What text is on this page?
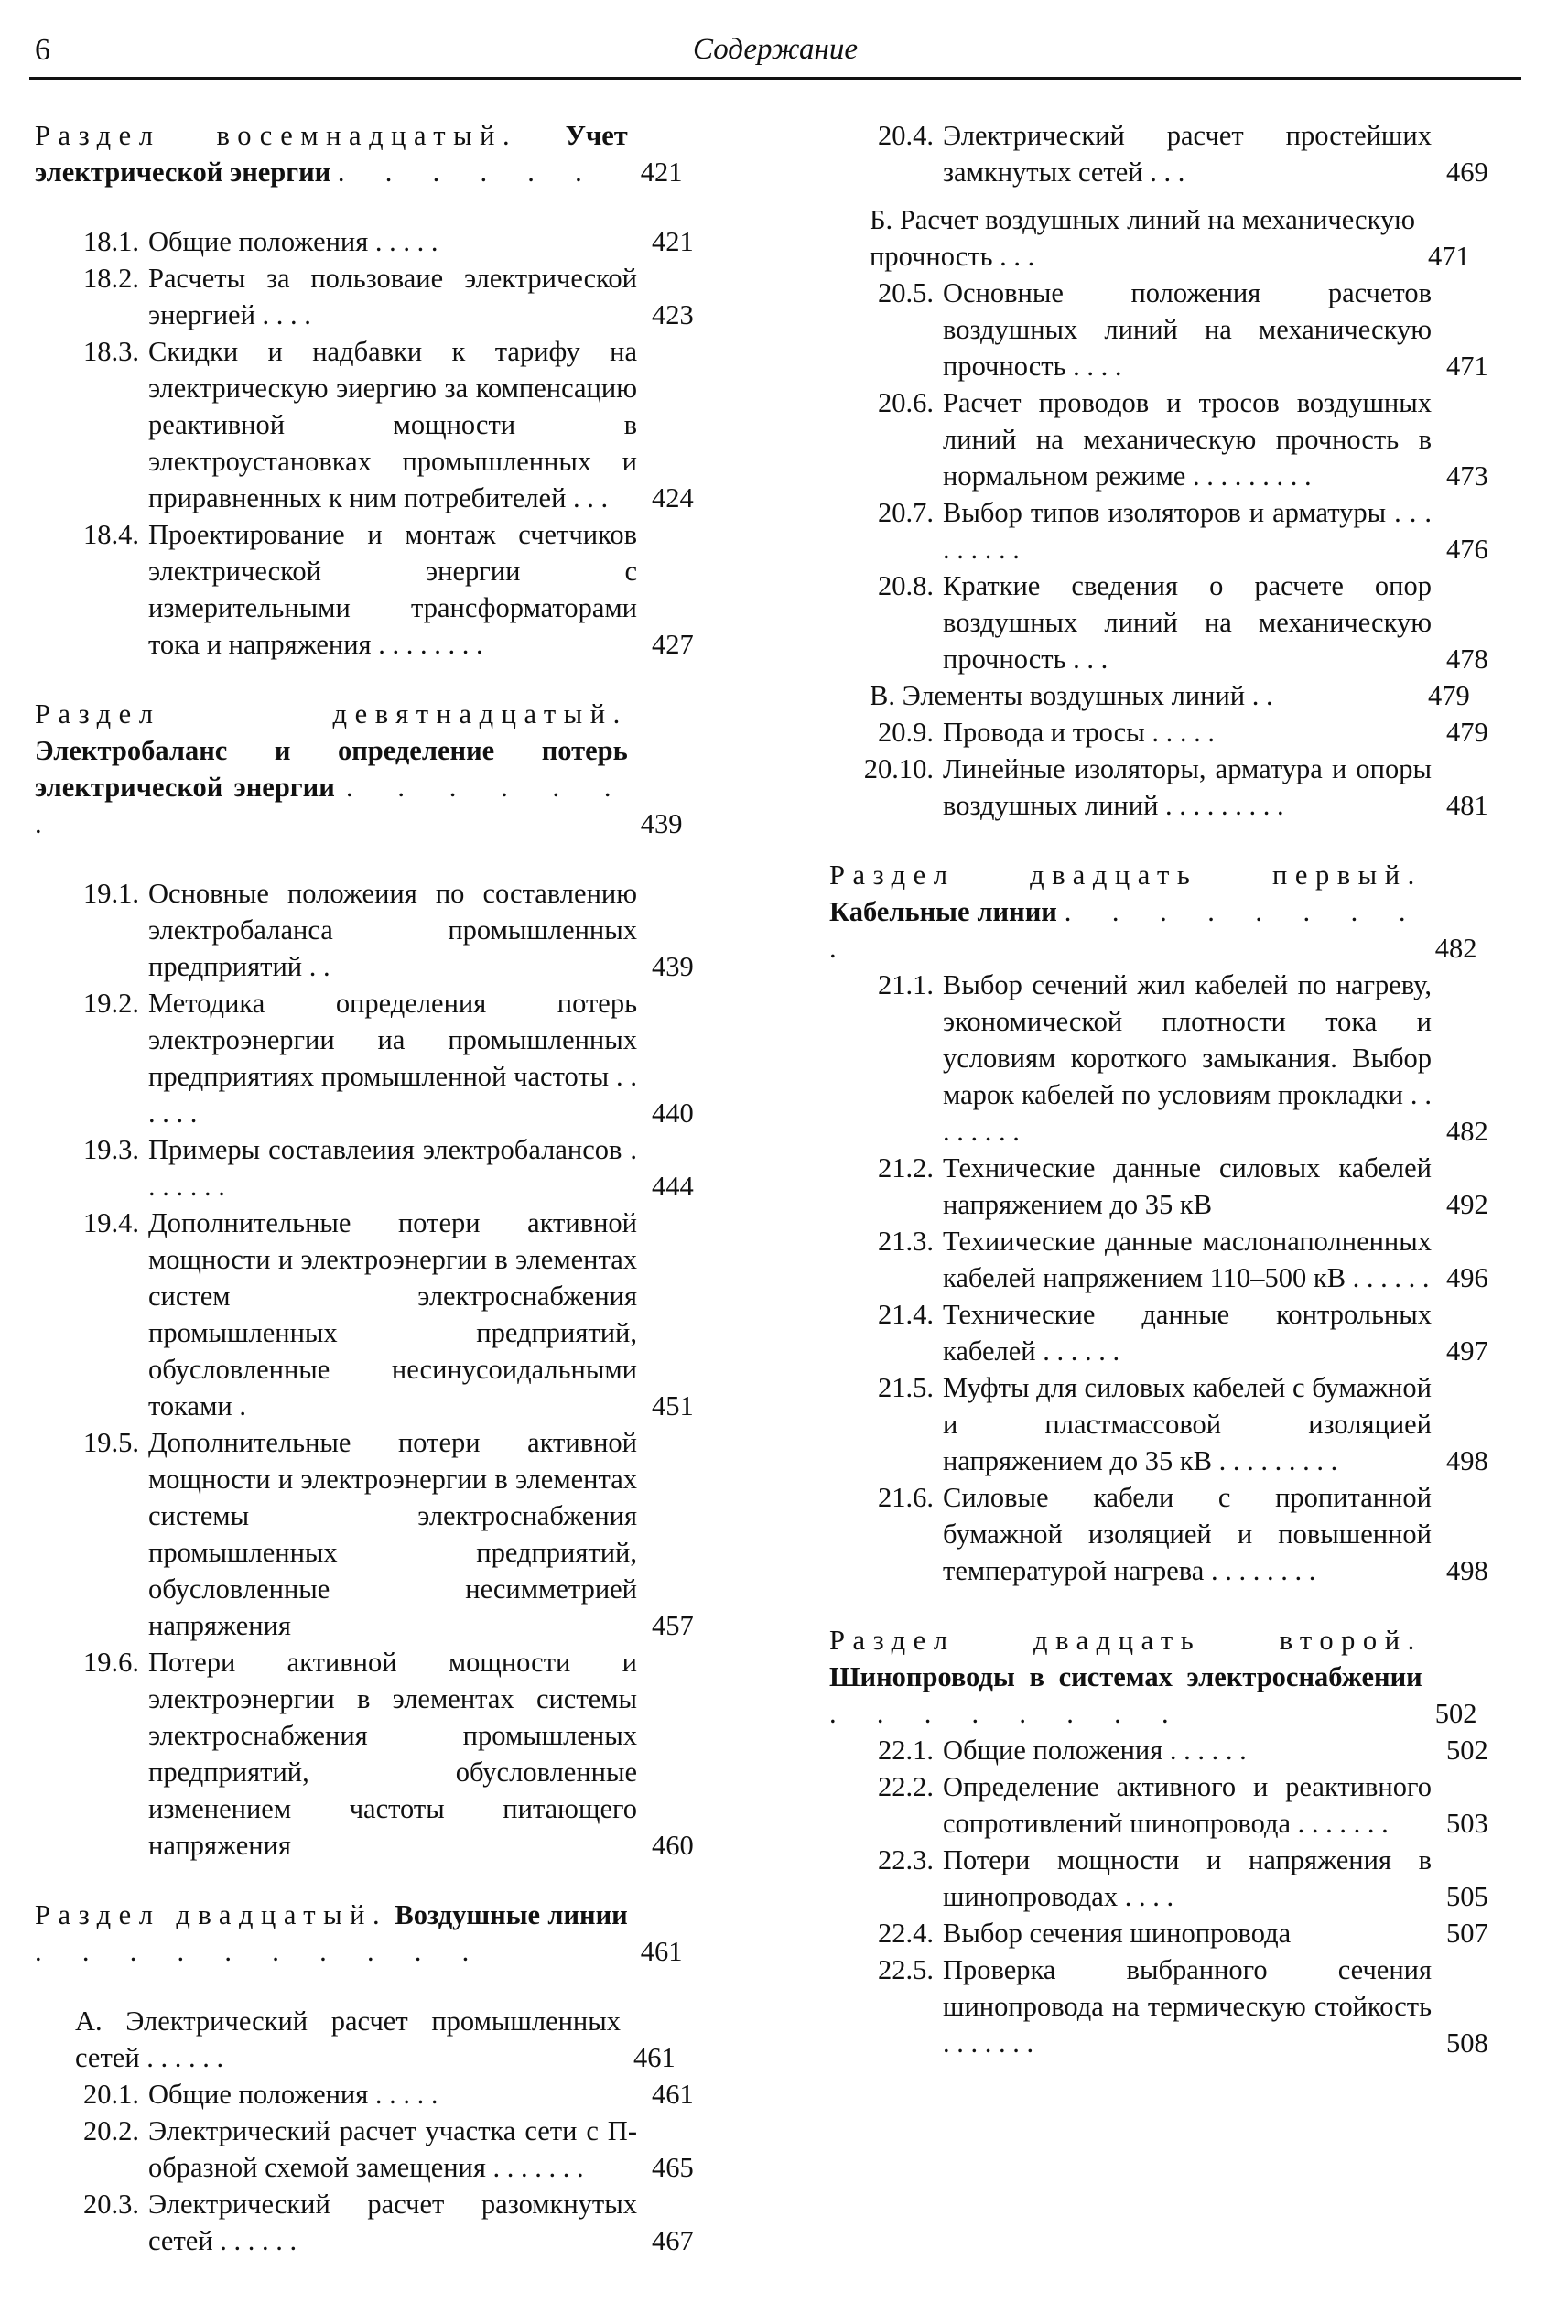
6	Содержание
Раздел восемнадцатый. Учет электрической энергии . . . . . .	421
18.1. Общие положения . . . . .	421
18.2. Расчеты за пользоваие электрической энергией . . . .	423
18.3. Скидки и надбавки к тарифу на электрическую эиергию за компенсацию реактивной мощности в электроустановках промышленных и приравненных к ним потребителей . . .	424
18.4. Проектирование и монтаж счетчиков электрической энергии с измерительными трансформаторами тока и напряжения . . . . . . . .	427
Раздел девятнадцатый. Электробаланс и определение потерь электрической энергии . . . . . . .	439
19.1. Основные положеиия по составлению электробаланса промышленных предприятий . .	439
19.2. Методика определения потерь электроэнергии иа промышленных предприятиях промышленной частоты . . . . . .	440
19.3. Примеры составлеиия электробалансов . . . . . . .	444
19.4. Дополнительные потери активной мощности и электроэнергии в элементах систем электроснабжения промышленных предприятий, обусловленные несинусоидальными токами .	451
19.5. Дополнительные потери активной мощности и электроэнергии в элементах системы электроснабжения промышленных предприятий, обусловленные несимметрией напряжения	457
19.6. Потери активной мощности и электроэнергии в элементах системы электроснабжения промышленых предприятий, обусловленные изменением частоты питающего напряжения	460
Раздел двадцатый. Воздушные линии . . . . . . . . . .	461
А. Электрический расчет промышленных сетей . . . . . .	461
20.1. Общие положения . . . . .	461
20.2. Электрический расчет участка сети с П-образной схемой замещения . . . . . . .	465
20.3. Электрический расчет разомкнутых сетей . . . . . .	467
20.4. Электрический расчет простейших замкнутых сетей . . .	469
Б. Расчет воздушных линий на механическую прочность . . .	471
20.5. Основные положения расчетов воздушных линий на механическую прочность . . . .	471
20.6. Расчет проводов и тросов воздушных линий на механическую прочность в нормальном режиме . . . . . . . . .	473
20.7. Выбор типов изоляторов и арматуры . . . . . . . . .	476
20.8. Краткие сведения о расчете опор воздушных линий на механическую прочность . . .	478
В. Элементы воздушных линий . .	479
20.9. Провода и тросы . . . . .	479
20.10. Линейные изоляторы, арматура и опоры воздушных линий . . . . . . . . .	481
Раздел двадцать первый. Кабельные линии . . . . . . . . .	482
21.1. Выбор сечений жил кабелей по нагреву, экономической плотности тока и условиям короткого замыкания. Выбор марок кабелей по условиям прокладки . . . . . . . .	482
21.2. Технические данные силовых кабелей напряжением до 35 кВ	492
21.3. Техиические данные маслонаполненных кабелей напряжением 110–500 кВ . . . . . . 496
21.4. Технические данные контрольных кабелей . . . . . .	497
21.5. Муфты для силовых кабелей с бумажной и пластмассовой изоляцией напряжением до 35 кВ . . . . . . . . .	498
21.6. Силовые кабели с пропитанной бумажной изоляцией и повышенной температурой нагрева . . . . . . . .	498
Раздел двадцать второй. Шинопроводы в системах электроснабжении . . . . . . . .	502
22.1. Общие положения . . . . . .	502
22.2. Определение активного и реактивного сопротивлений шинопровода . . . . . . .	503
22.3. Потери мощности и напряжения в шинопроводах . . . .	505
22.4. Выбор сечения шинопровода	507
22.5. Проверка выбранного сечения шинопровода на термическую стойкость . . . . . . .	508
